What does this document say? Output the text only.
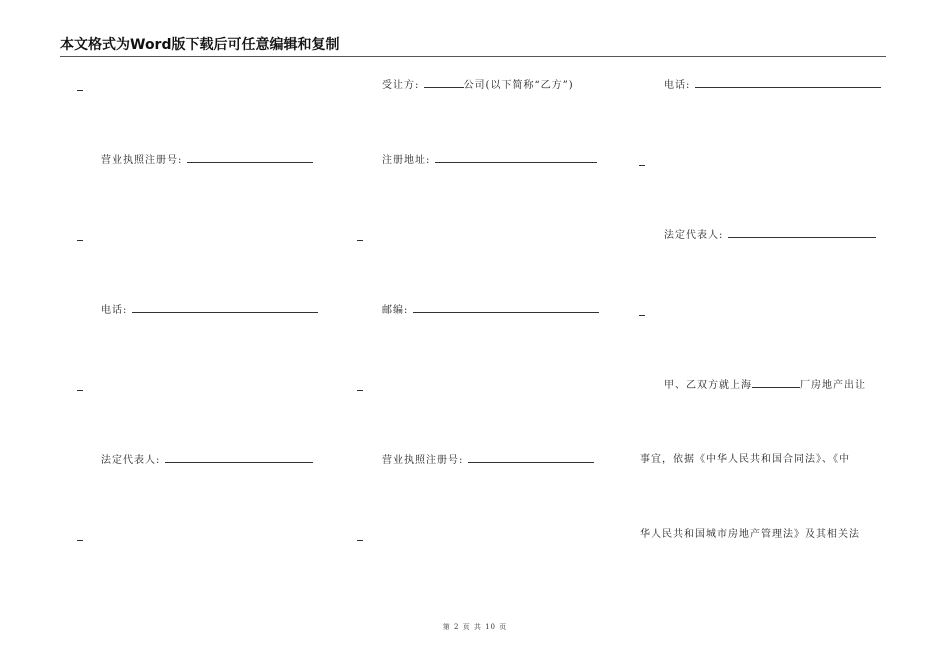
本文格式为Word版下载后可任意编辑和复制
营业执照注册号:
电话:
法定代表人:
受让方:	公司(以下简称“乙方”)
注册地址:
邮编:
营业执照注册号:
电话:
法定代表人:
甲、乙双方就上海	厂房地产出让
事宜，依据《中华人民共和国合同法》、《中
华人民共和国城市房地产管理法》及其相关法
第 2 页 共 10 页
